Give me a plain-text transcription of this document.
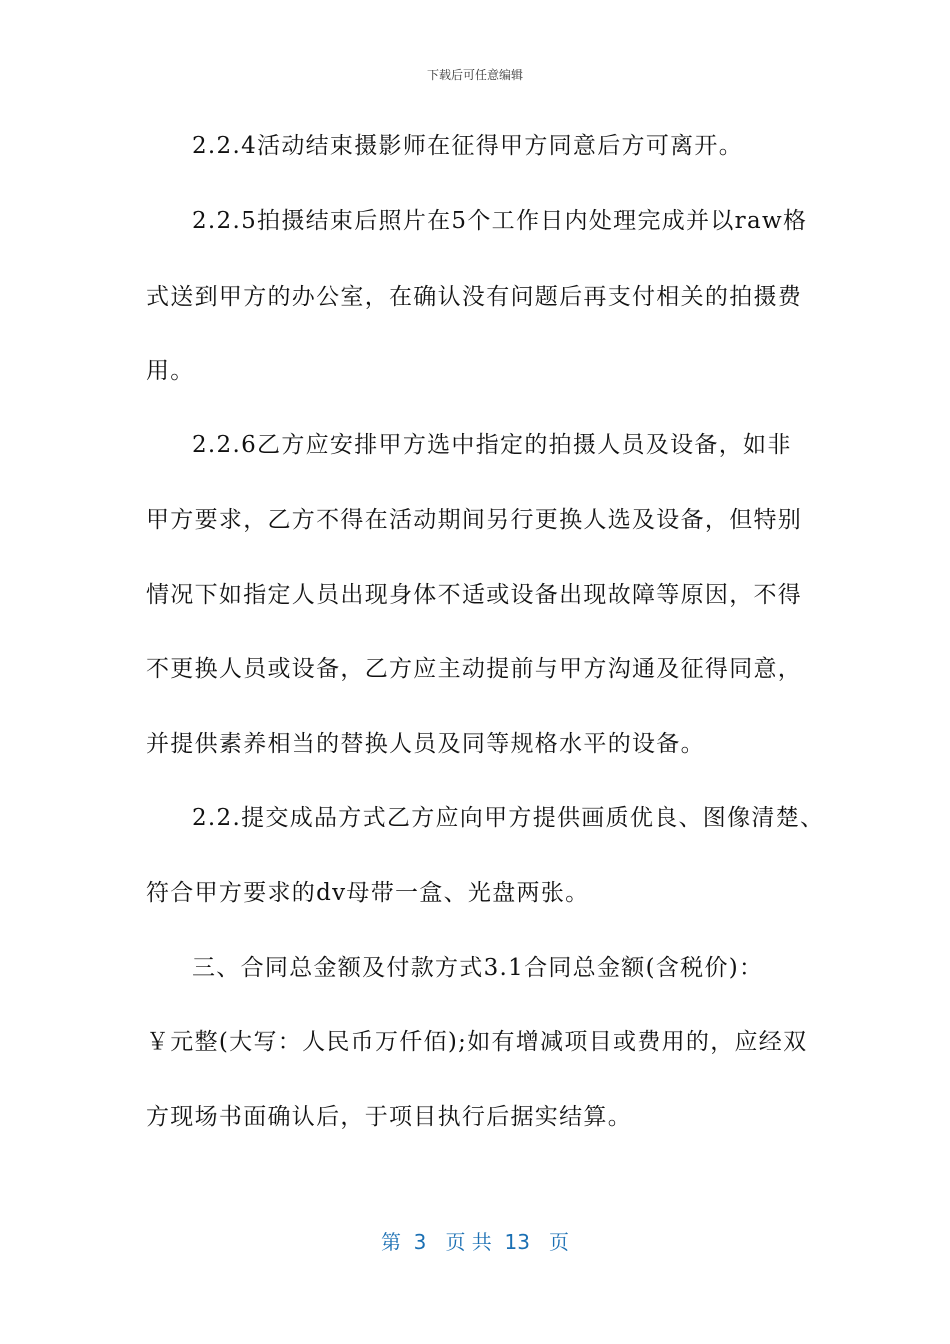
下载后可任意编辑
2.2.4活动结束摄影师在征得甲方同意后方可离开。
2.2.5拍摄结束后照片在5个工作日内处理完成并以raw格
式送到甲方的办公室，在确认没有问题后再支付相关的拍摄费
用。
2.2.6乙方应安排甲方选中指定的拍摄人员及设备，如非
甲方要求，乙方不得在活动期间另行更换人选及设备，但特别
情况下如指定人员出现身体不适或设备出现故障等原因，不得
不更换人员或设备，乙方应主动提前与甲方沟通及征得同意，
并提供素养相当的替换人员及同等规格水平的设备。
2.2.提交成品方式乙方应向甲方提供画质优良、图像清楚、
符合甲方要求的dv母带一盒、光盘两张。
三、合同总金额及付款方式3.1合同总金额(含税价)：
￥元整(大写：人民币万仟佰);如有增减项目或费用的，应经双
方现场书面确认后，于项目执行后据实结算。
第  3   页 共  13   页
